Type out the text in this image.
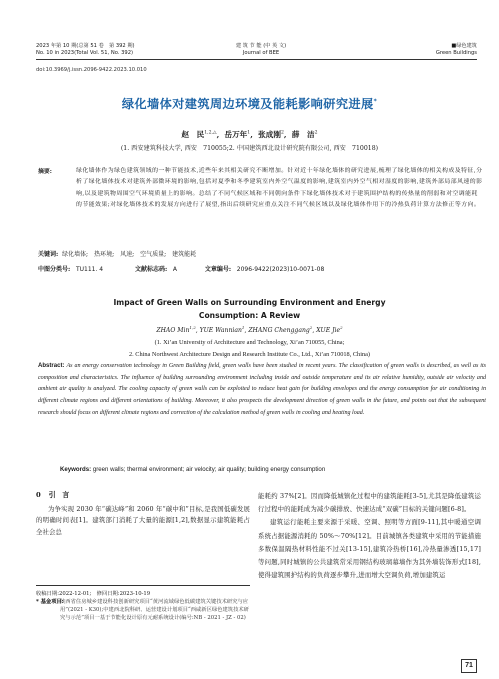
2023 年第 10 期(总第 51 卷　第 392 期)
No. 10 in 2023(Total Vol. 51, No. 392)
建 筑 节 能 (中 英 文)
Journal of BEE
■绿色建筑
Green Buildings
doi:10.3969/j.issn.2096-9422.2023.10.010
绿化墙体对建筑周边环境及能耗影响研究进展*
赵　民$^{1,2,\triangle}$,  岳万年$^1$,  张成刚$^2$,  薛　洁$^2$
(1. 西安建筑科技大学, 西安　710055;2. 中国建筑西北设计研究院有限公司, 西安　710018)
摘要:	绿化墙体作为绿色建筑领域的一种节能技术,近些年来其相关研究不断增加。针对近十年绿化墙体的研究进展,梳理了绿化墙体的相关构成及特征,分析了绿化墙体技术对建筑外部微环境的影响,包括对夏季和冬季建筑室内外空气温度的影响,建筑室内外空气相对湿度的影响,建筑外部局部风速的影响,以及建筑物周围空气环境质量上的影响。总结了不同气候区域和不同朝向条件下绿化墙体技术对于建筑围护结构的传热量的削弱和对空调能耗的节能效果;对绿化墙体技术的发展方向进行了展望,指出后续研究应重点关注不同气候区域以及绿化墙体作用下的冷热负荷计算方法修正等方向。
关键词: 绿化墙体;　热环境;　风速;　空气质量;　建筑能耗
中图分类号: TU111. 4	文献标志码: A	文章编号: 2096-9422(2023)10-0071-08
Impact of Green Walls on Surrounding Environment and Energy
Consumption: A Review
ZHAO Min$^{1,2}$, YUE Wannian$^1$, ZHANG Chenggang$^2$, XUE Jie$^2$
(1. Xi’an University of Architecture and Technology, Xi’an 710055, China;
2. China Northwest Architecture Design and Research Institute Co., Ltd., Xi’an 710018, China)
Abstract: As an energy conservation technology in Green Building field, green walls have been studied in recent years. The classification of green walls is described, as well as its composition and characteristics. The influence of building surrounding environment including inside and outside temperature and its air relative humidity, outside air velocity and ambient air quality is analyzed. The cooling capacity of green walls can be exploited to reduce heat gain for building envelopes and the energy consumption for air conditioning in different climate regions and different orientations of building. Moreover, it also prospects the development direction of green walls in the future, and points out that the subsequent research should focus on different climate regions and correction of the calculation method of green walls in cooling and heating load.
Keywords: green walls; thermal environment; air velocity; air quality; building energy consumption
0 引　言
为争实现 2030 年“碳达峰”和 2060 年“碳中和”目标,是我国低碳发展的明确时间表[1]。建筑部门消耗了大量的能源[1,2],数据显示建筑能耗占全社会总
收稿日期:2022-12-01;　修回日期:2023-10-19
* 基金项目:
陕西省住房城乡建设科技创新研究项目“黄河流域绿色低碳建筑关键技术研究与应用”(2021 - K30);中建西北院科研、运营建设计划项目“西咸新区绿色建筑技术研究与示范”项目一基于节能化设计原有元耐系统设计(编号:NB - 2021 - JZ - 02)
能耗约 37%[2]。因而降低城镇化过程中的建筑能耗[3-5],尤其是降低建筑运行过程中的能耗成为减少碳排放、快速达成“双碳”目标的关键问题[6-8]。
建筑运行能耗主要来源于采暖、空调、照明等方面[9-11],其中暖通空调系统占据能源消耗的 50%～70%[12]。目前城镇各类建筑中采用的节能措施多数保温隔热材料性能不过关[13-15],建筑冷热桥[16],冷热量渗透[15,17]等问题,同时城镇的公共建筑常采用钢结构玻璃幕墙作为其外墙装饰形式[18],使得建筑围护结构的负荷逐步攀升,进而增大空调负荷,增加建筑运
71
